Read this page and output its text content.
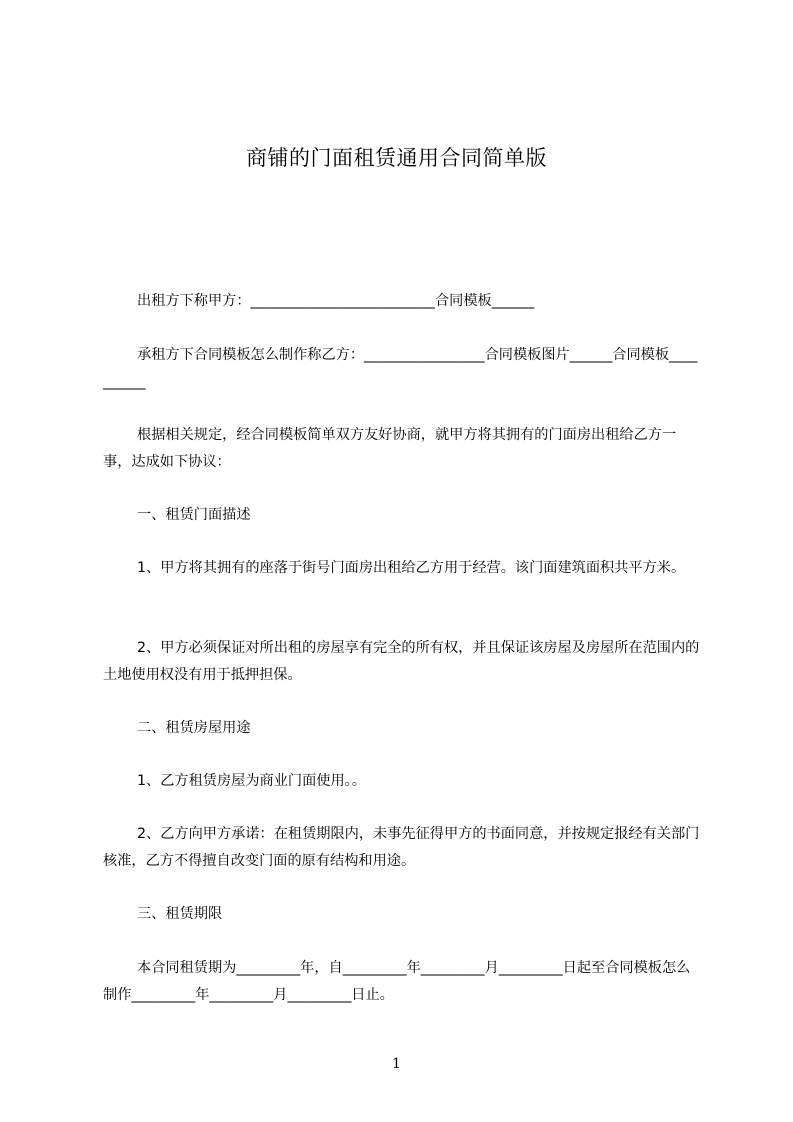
商铺的门面租赁通用合同简单版

出租方下称甲方：__________________________合同模板______

承租方下合同模板怎么制作称乙方：_________________合同模板图片______合同模板__________

根据相关规定，经合同模板简单双方友好协商，就甲方将其拥有的门面房出租给乙方一事，达成如下协议：

一、租赁门面描述

1、甲方将其拥有的座落于街号门面房出租给乙方用于经营。该门面建筑面积共平方米。

2、甲方必须保证对所出租的房屋享有完全的所有权，并且保证该房屋及房屋所在范围内的土地使用权没有用于抵押担保。

二、租赁房屋用途

1、乙方租赁房屋为商业门面使用。。

2、乙方向甲方承诺：在租赁期限内，未事先征得甲方的书面同意，并按规定报经有关部门核准，乙方不得擅自改变门面的原有结构和用途。

三、租赁期限

本合同租赁期为_________年，自_________年_________月_________日起至合同模板怎么制作_________年_________月_________日止。

1
